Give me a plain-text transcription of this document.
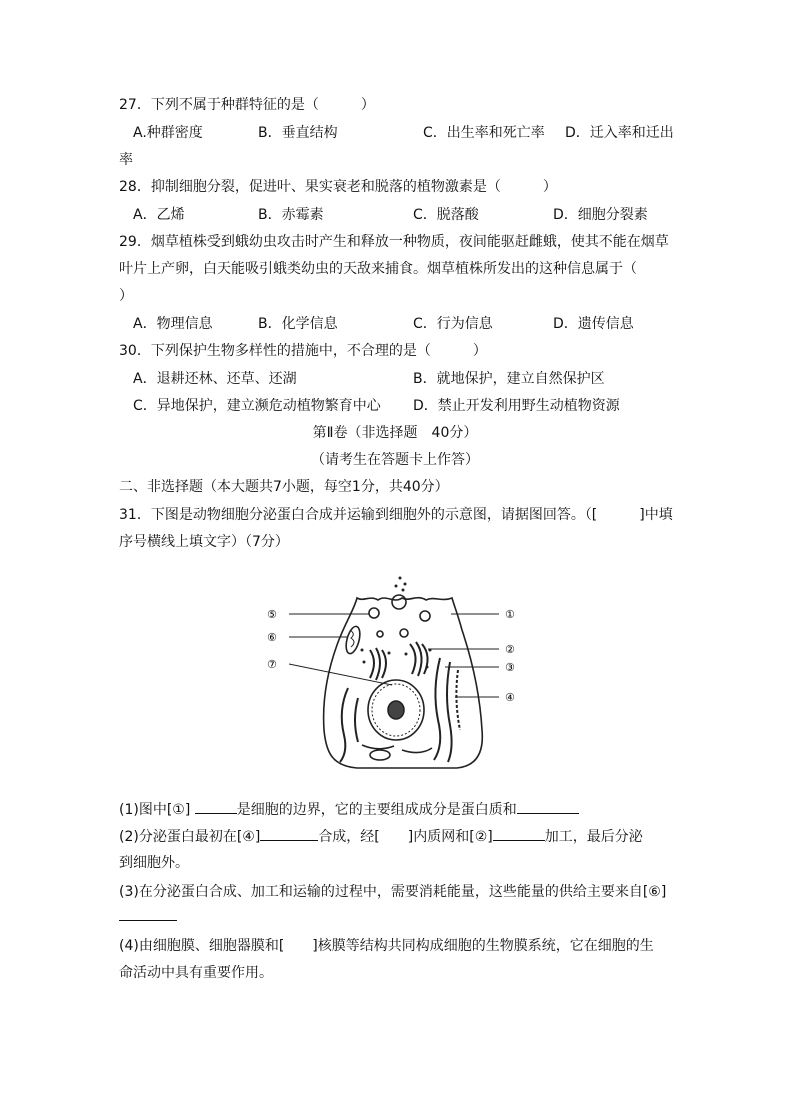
27．下列不属于种群特征的是（　　　）
A.种群密度	B．垂直结构	C．出生率和死亡率 D．迁入率和迁出
率
28．抑制细胞分裂，促进叶、果实衰老和脱落的植物激素是（　　　）
A．乙烯	B．赤霉素	C．脱落酸	D．细胞分裂素
29．烟草植株受到蛾幼虫攻击时产生和释放一种物质，夜间能驱赶雌蛾，使其不能在烟草
叶片上产卵，白天能吸引蛾类幼虫的天敌来捕食。烟草植株所发出的这种信息属于（
）
A．物理信息	B．化学信息	C．行为信息	D．遗传信息
30．下列保护生物多样性的措施中，不合理的是（　　　）
A．退耕还林、还草、还湖	B．就地保护，建立自然保护区
C．异地保护，建立濒危动植物繁育中心 D．禁止开发利用野生动植物资源
第Ⅱ卷（非选择题　40分）
（请考生在答题卡上作答）
二、非选择题（本大题共7小题，每空1分，共40分）
31．下图是动物细胞分泌蛋白合成并运输到细胞外的示意图，请据图回答。（[　　　]中填
序号横线上填文字）（7分）
⑤
⑥
⑦
①
②
③
④
(1)图中[①]	是细胞的边界，它的主要组成成分是蛋白质和
(2)分泌蛋白最初在[④]	合成，经[　　]内质网和[②]	加工，最后分泌
到细胞外。
(3)在分泌蛋白合成、加工和运输的过程中，需要消耗能量，这些能量的供给主要来自[⑥]
(4)由细胞膜、细胞器膜和[　　]核膜等结构共同构成细胞的生物膜系统，它在细胞的生
命活动中具有重要作用。
